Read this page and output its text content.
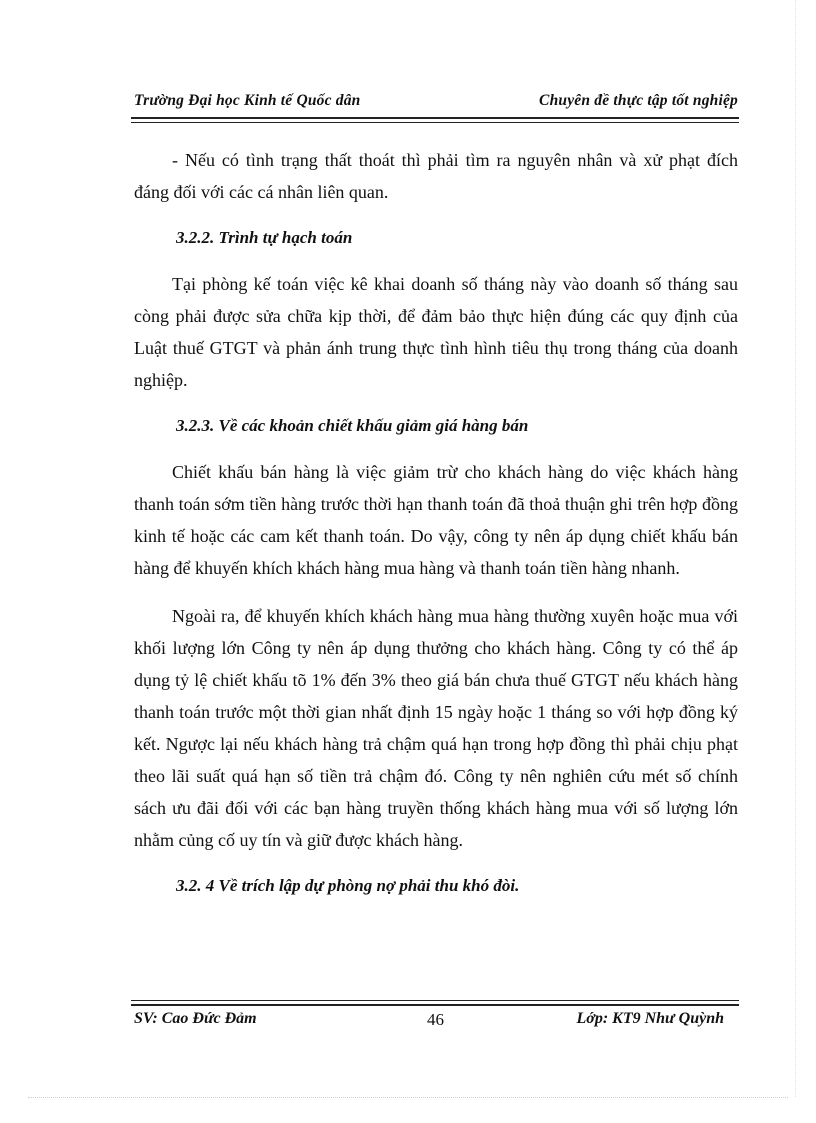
Trường Đại học Kinh tế Quốc dân	Chuyên đề thực tập tốt nghiệp

- Nếu có tình trạng thất thoát thì phải tìm ra nguyên nhân và xử phạt đích đáng đối với các cá nhân liên quan.

3.2.2. Trình tự hạch toán

Tại phòng kế toán việc kê khai doanh số tháng này vào doanh số tháng sau còng phải được sửa chữa kịp thời, để đảm bảo thực hiện đúng các quy định của Luật thuế GTGT và phản ánh trung thực tình hình tiêu thụ trong tháng của doanh nghiệp.

3.2.3. Về các khoản chiết khấu giảm giá hàng bán

Chiết khấu bán hàng là việc giảm trừ cho khách hàng do việc khách hàng thanh toán sớm tiền hàng trước thời hạn thanh toán đã thoả thuận ghi trên hợp đồng kinh tế hoặc các cam kết thanh toán. Do vậy, công ty nên áp dụng chiết khấu bán hàng để khuyến khích khách hàng mua hàng và thanh toán tiền hàng nhanh.

Ngoài ra, để khuyến khích khách hàng mua hàng thường xuyên hoặc mua với khối lượng lớn Công ty nên áp dụng thưởng cho khách hàng. Công ty có thể áp dụng tỷ lệ chiết khấu tõ 1% đến 3% theo giá bán chưa thuế GTGT nếu khách hàng thanh toán trước một thời gian nhất định 15 ngày hoặc 1 tháng so với hợp đồng ký kết. Ngược lại nếu khách hàng trả chậm quá hạn trong hợp đồng thì phải chịu phạt theo lãi suất quá hạn số tiền trả chậm đó. Công ty nên nghiên cứu mét số chính sách ưu đãi đối với các bạn hàng truyền thống khách hàng mua với số lượng lớn nhằm củng cố uy tín và giữ được khách hàng.

3.2. 4 Về trích lập dự phòng nợ phải thu khó đòi.

SV: Cao Đức Đảm	46	Lớp: KT9 Như Quỳnh
